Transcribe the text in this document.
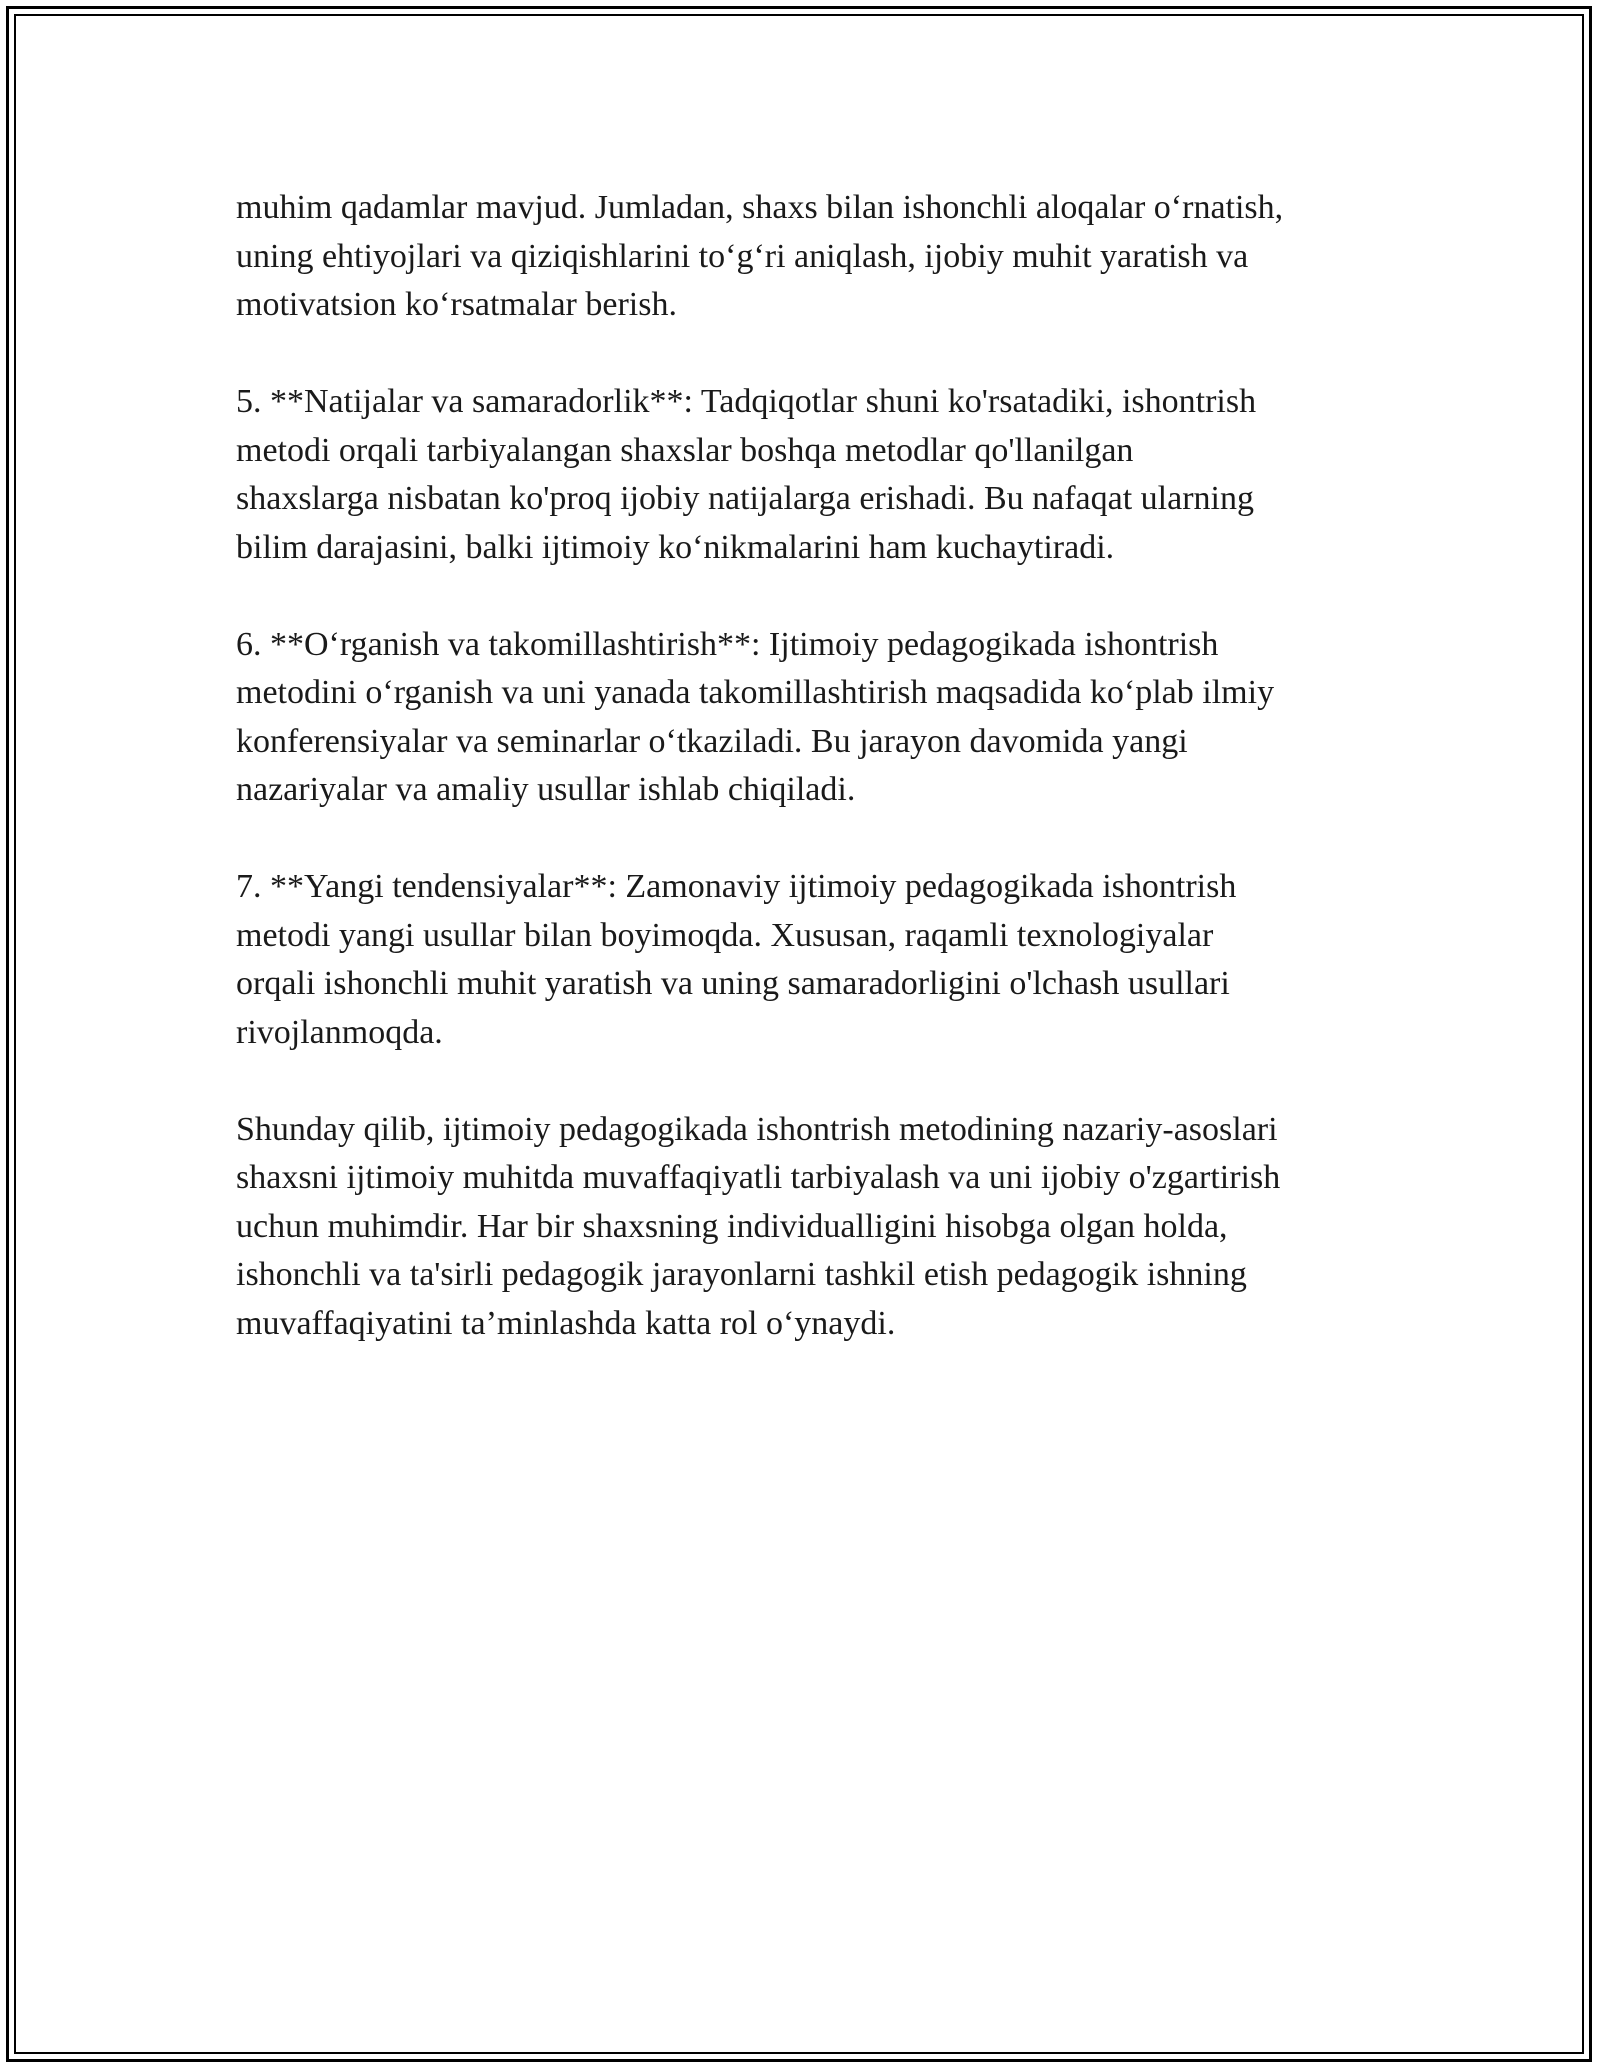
muhim qadamlar mavjud. Jumladan, shaxs bilan ishonchli aloqalar o‘rnatish,
uning ehtiyojlari va qiziqishlarini to‘g‘ri aniqlash, ijobiy muhit yaratish va
motivatsion ko‘rsatmalar berish.

5. **Natijalar va samaradorlik**: Tadqiqotlar shuni ko'rsatadiki, ishontrish
metodi orqali tarbiyalangan shaxslar boshqa metodlar qo'llanilgan
shaxslarga nisbatan ko'proq ijobiy natijalarga erishadi. Bu nafaqat ularning
bilim darajasini, balki ijtimoiy ko‘nikmalarini ham kuchaytiradi.

6. **O‘rganish va takomillashtirish**: Ijtimoiy pedagogikada ishontrish
metodini o‘rganish va uni yanada takomillashtirish maqsadida ko‘plab ilmiy
konferensiyalar va seminarlar o‘tkaziladi. Bu jarayon davomida yangi
nazariyalar va amaliy usullar ishlab chiqiladi.

7. **Yangi tendensiyalar**: Zamonaviy ijtimoiy pedagogikada ishontrish
metodi yangi usullar bilan boyimoqda. Xususan, raqamli texnologiyalar
orqali ishonchli muhit yaratish va uning samaradorligini o'lchash usullari
rivojlanmoqda.

Shunday qilib, ijtimoiy pedagogikada ishontrish metodining nazariy-asoslari
shaxsni ijtimoiy muhitda muvaffaqiyatli tarbiyalash va uni ijobiy o'zgartirish
uchun muhimdir. Har bir shaxsning individualligini hisobga olgan holda,
ishonchli va ta'sirli pedagogik jarayonlarni tashkil etish pedagogik ishning
muvaffaqiyatini ta’minlashda katta rol o‘ynaydi.
